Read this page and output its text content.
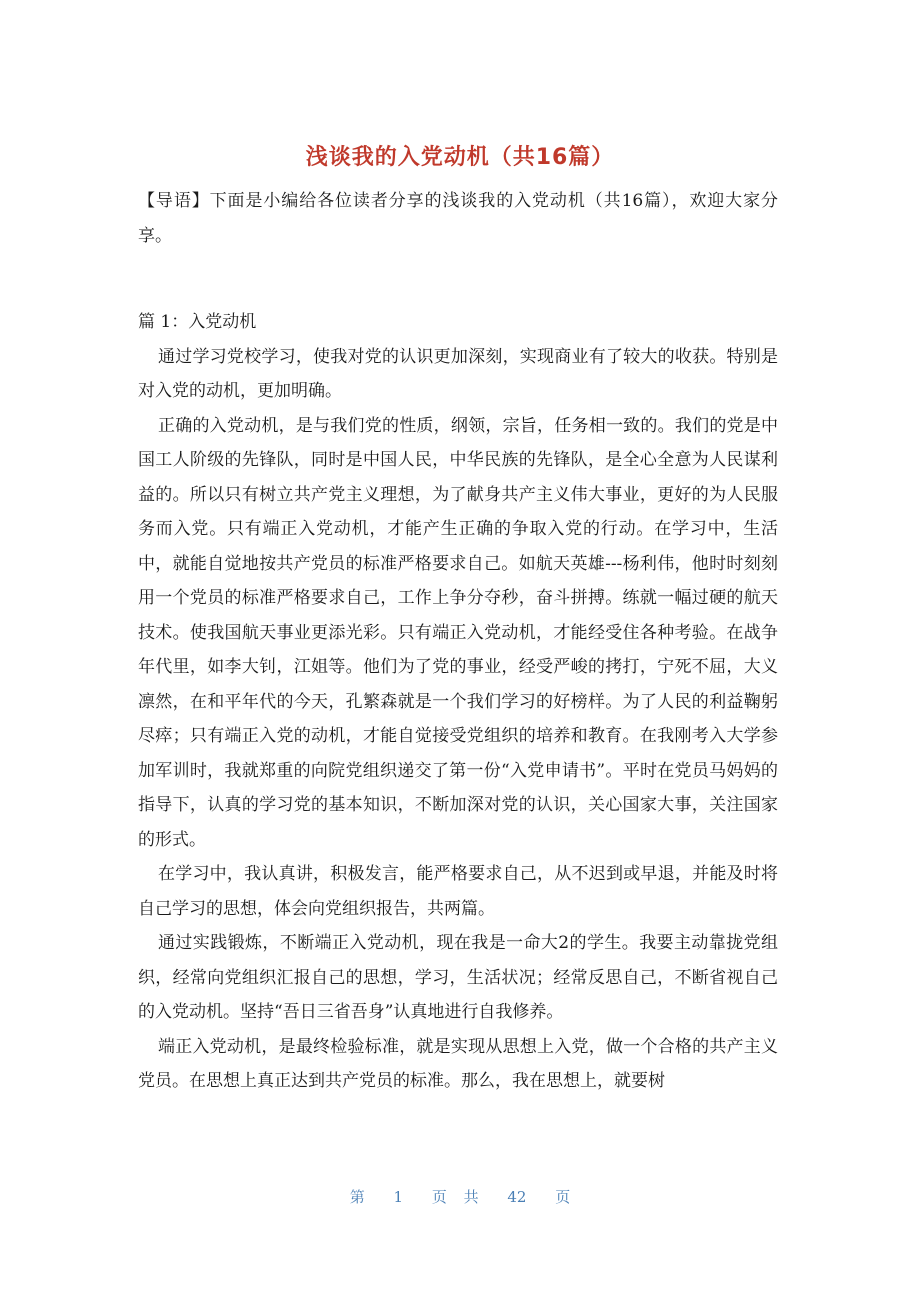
浅谈我的入党动机（共16篇）

【导语】下面是小编给各位读者分享的浅谈我的入党动机（共16篇），欢迎大家分享。

篇 1：入党动机

通过学习党校学习，使我对党的认识更加深刻，实现商业有了较大的收获。特别是对入党的动机，更加明确。

正确的入党动机，是与我们党的性质，纲领，宗旨，任务相一致的。我们的党是中国工人阶级的先锋队，同时是中国人民，中华民族的先锋队，是全心全意为人民谋利益的。所以只有树立共产党主义理想，为了献身共产主义伟大事业，更好的为人民服务而入党。只有端正入党动机，才能产生正确的争取入党的行动。在学习中，生活中，就能自觉地按共产党员的标准严格要求自己。如航天英雄---杨利伟，他时时刻刻用一个党员的标准严格要求自己，工作上争分夺秒，奋斗拼搏。练就一幅过硬的航天技术。使我国航天事业更添光彩。只有端正入党动机，才能经受住各种考验。在战争年代里，如李大钊，江姐等。他们为了党的事业，经受严峻的拷打，宁死不屈，大义凛然，在和平年代的今天，孔繁森就是一个我们学习的好榜样。为了人民的利益鞠躬尽瘁；只有端正入党的动机，才能自觉接受党组织的培养和教育。在我刚考入大学参加军训时，我就郑重的向院党组织递交了第一份“入党申请书”。平时在党员马妈妈的指导下，认真的学习党的基本知识，不断加深对党的认识，关心国家大事，关注国家的形式。

在学习中，我认真讲，积极发言，能严格要求自己，从不迟到或早退，并能及时将自己学习的思想，体会向党组织报告，共两篇。

通过实践锻炼，不断端正入党动机，现在我是一命大2的学生。我要主动靠拢党组织，经常向党组织汇报自己的思想，学习，生活状况；经常反思自己，不断省视自己的入党动机。坚持“吾日三省吾身”认真地进行自我修养。

端正入党动机，是最终检验标准，就是实现从思想上入党，做一个合格的共产主义党员。在思想上真正达到共产党员的标准。那么，我在思想上，就要树

第 1 页 共 42 页
